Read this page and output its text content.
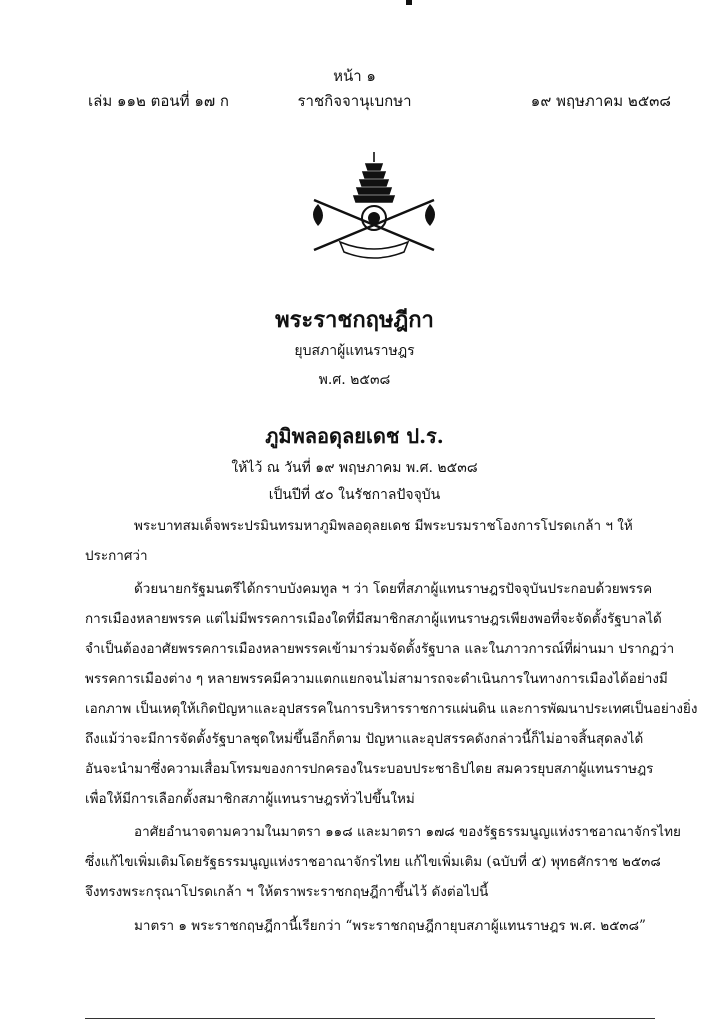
หน้า ๑
เล่ม ๑๑๒ ตอนที่ ๑๗ ก	ราชกิจจานุเบกษา	๑๙ พฤษภาคม ๒๕๓๘
พระราชกฤษฎีกา
ยุบสภาผู้แทนราษฎร
พ.ศ. ๒๕๓๘
ภูมิพลอดุลยเดช ป.ร.
ให้ไว้ ณ วันที่ ๑๙ พฤษภาคม พ.ศ. ๒๕๓๘
เป็นปีที่ ๕๐ ในรัชกาลปัจจุบัน
พระบาทสมเด็จพระปรมินทรมหาภูมิพลอดุลยเดช มีพระบรมราชโองการโปรดเกล้า ฯ ให้
ประกาศว่า
ด้วยนายกรัฐมนตรีได้กราบบังคมทูล ฯ ว่า โดยที่สภาผู้แทนราษฎรปัจจุบันประกอบด้วยพรรค
การเมืองหลายพรรค แต่ไม่มีพรรคการเมืองใดที่มีสมาชิกสภาผู้แทนราษฎรเพียงพอที่จะจัดตั้งรัฐบาลได้
จำเป็นต้องอาศัยพรรคการเมืองหลายพรรคเข้ามาร่วมจัดตั้งรัฐบาล และในภาวการณ์ที่ผ่านมา ปรากฏว่า
พรรคการเมืองต่าง ๆ หลายพรรคมีความแตกแยกจนไม่สามารถจะดำเนินการในทางการเมืองได้อย่างมี
เอกภาพ เป็นเหตุให้เกิดปัญหาและอุปสรรคในการบริหารราชการแผ่นดิน และการพัฒนาประเทศเป็นอย่างยิ่ง
ถึงแม้ว่าจะมีการจัดตั้งรัฐบาลชุดใหม่ขึ้นอีกก็ตาม ปัญหาและอุปสรรคดังกล่าวนี้ก็ไม่อาจสิ้นสุดลงได้
อันจะนำมาซึ่งความเสื่อมโทรมของการปกครองในระบอบประชาธิปไตย สมควรยุบสภาผู้แทนราษฎร
เพื่อให้มีการเลือกตั้งสมาชิกสภาผู้แทนราษฎรทั่วไปขึ้นใหม่
อาศัยอำนาจตามความในมาตรา ๑๑๘ และมาตรา ๑๗๘ ของรัฐธรรมนูญแห่งราชอาณาจักรไทย
ซึ่งแก้ไขเพิ่มเติมโดยรัฐธรรมนูญแห่งราชอาณาจักรไทย แก้ไขเพิ่มเติม (ฉบับที่ ๕) พุทธศักราช ๒๕๓๘
จึงทรงพระกรุณาโปรดเกล้า ฯ ให้ตราพระราชกฤษฎีกาขึ้นไว้ ดังต่อไปนี้
มาตรา ๑ พระราชกฤษฎีกานี้เรียกว่า “พระราชกฤษฎีกายุบสภาผู้แทนราษฎร พ.ศ. ๒๕๓๘”
